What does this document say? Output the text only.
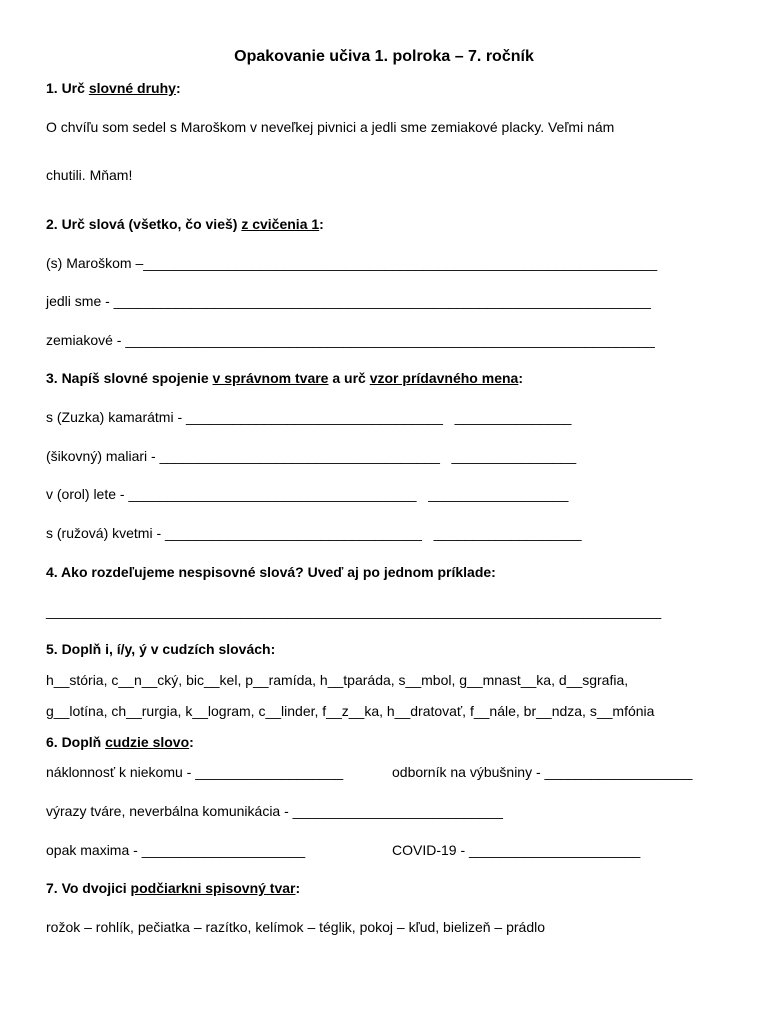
Opakovanie učiva 1. polroka – 7. ročník
1. Urč slovné druhy:
O chvíľu som sedel s Maroškom v neveľkej pivnici a jedli sme zemiakové placky. Veľmi nám
chutili. Mňam!
2. Urč slová (všetko, čo vieš) z cvičenia 1:
(s) Maroškom –__________________________________________________________________
jedli sme - _____________________________________________________________________
zemiakové - ____________________________________________________________________
3. Napíš slovné spojenie v správnom tvare a urč vzor prídavného mena:
s (Zuzka) kamarátmi - _________________________________   _______________
(šikovný) maliari - ____________________________________   ________________
v (orol) lete - _____________________________________   __________________
s (ružová) kvetmi - _________________________________   ___________________
4. Ako rozdeľujeme nespisovné slová? Uveď aj po jednom príklade:
_______________________________________________________________________________
5. Doplň i, í/y, ý v cudzích slovách:
h__stória, c__n__cký, bic__kel, p__ramída, h__tparáda, s__mbol, g__mnast__ka, d__sgrafia,
g__lotína, ch__rurgia, k__logram, c__linder, f__z__ka, h__dratovať, f__nále, br__ndza, s__mfónia
6. Doplň cudzie slovo:
náklonnosť k niekomu - ___________________	odborník na výbušniny - ___________________
výrazy tváre, neverbálna komunikácia - ___________________________
opak maxima - _____________________	COVID-19 - ______________________
7. Vo dvojici podčiarkni spisovný tvar:
rožok – rohlík, pečiatka – razítko, kelímok – téglik, pokoj – kľud, bielizeň – prádlo
